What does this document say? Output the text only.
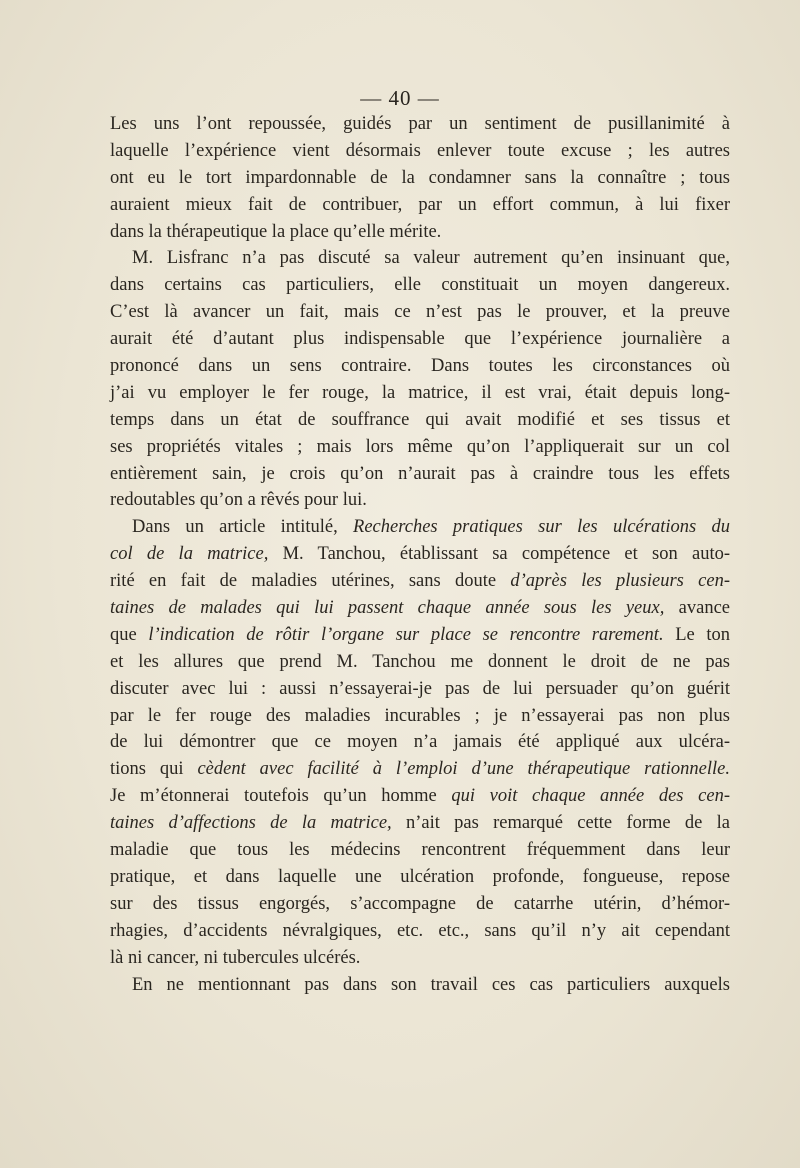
— 40 —
Les uns l’ont repoussée, guidés par un sentiment de pusillanimité à
laquelle l’expérience vient désormais enlever toute excuse ; les autres
ont eu le tort impardonnable de la condamner sans la connaître ; tous
auraient mieux fait de contribuer, par un effort commun, à lui fixer
dans la thérapeutique la place qu’elle mérite.
M. Lisfranc n’a pas discuté sa valeur autrement qu’en insinuant que,
dans certains cas particuliers, elle constituait un moyen dangereux.
C’est là avancer un fait, mais ce n’est pas le prouver, et la preuve
aurait été d’autant plus indispensable que l’expérience journalière a
prononcé dans un sens contraire. Dans toutes les circonstances où
j’ai vu employer le fer rouge, la matrice, il est vrai, était depuis long-
temps dans un état de souffrance qui avait modifié et ses tissus et
ses propriétés vitales ; mais lors même qu’on l’appliquerait sur un col
entièrement sain, je crois qu’on n’aurait pas à craindre tous les effets
redoutables qu’on a rêvés pour lui.
Dans un article intitulé, Recherches pratiques sur les ulcérations du
col de la matrice, M. Tanchou, établissant sa compétence et son auto-
rité en fait de maladies utérines, sans doute d’après les plusieurs cen-
taines de malades qui lui passent chaque année sous les yeux, avance
que l’indication de rôtir l’organe sur place se rencontre rarement. Le ton
et les allures que prend M. Tanchou me donnent le droit de ne pas
discuter avec lui : aussi n’essayerai-je pas de lui persuader qu’on guérit
par le fer rouge des maladies incurables ; je n’essayerai pas non plus
de lui démontrer que ce moyen n’a jamais été appliqué aux ulcéra-
tions qui cèdent avec facilité à l’emploi d’une thérapeutique rationnelle.
Je m’étonnerai toutefois qu’un homme qui voit chaque année des cen-
taines d’affections de la matrice, n’ait pas remarqué cette forme de la
maladie que tous les médecins rencontrent fréquemment dans leur
pratique, et dans laquelle une ulcération profonde, fongueuse, repose
sur des tissus engorgés, s’accompagne de catarrhe utérin, d’hémor-
rhagies, d’accidents névralgiques, etc. etc., sans qu’il n’y ait cependant
là ni cancer, ni tubercules ulcérés.
En ne mentionnant pas dans son travail ces cas particuliers auxquels
